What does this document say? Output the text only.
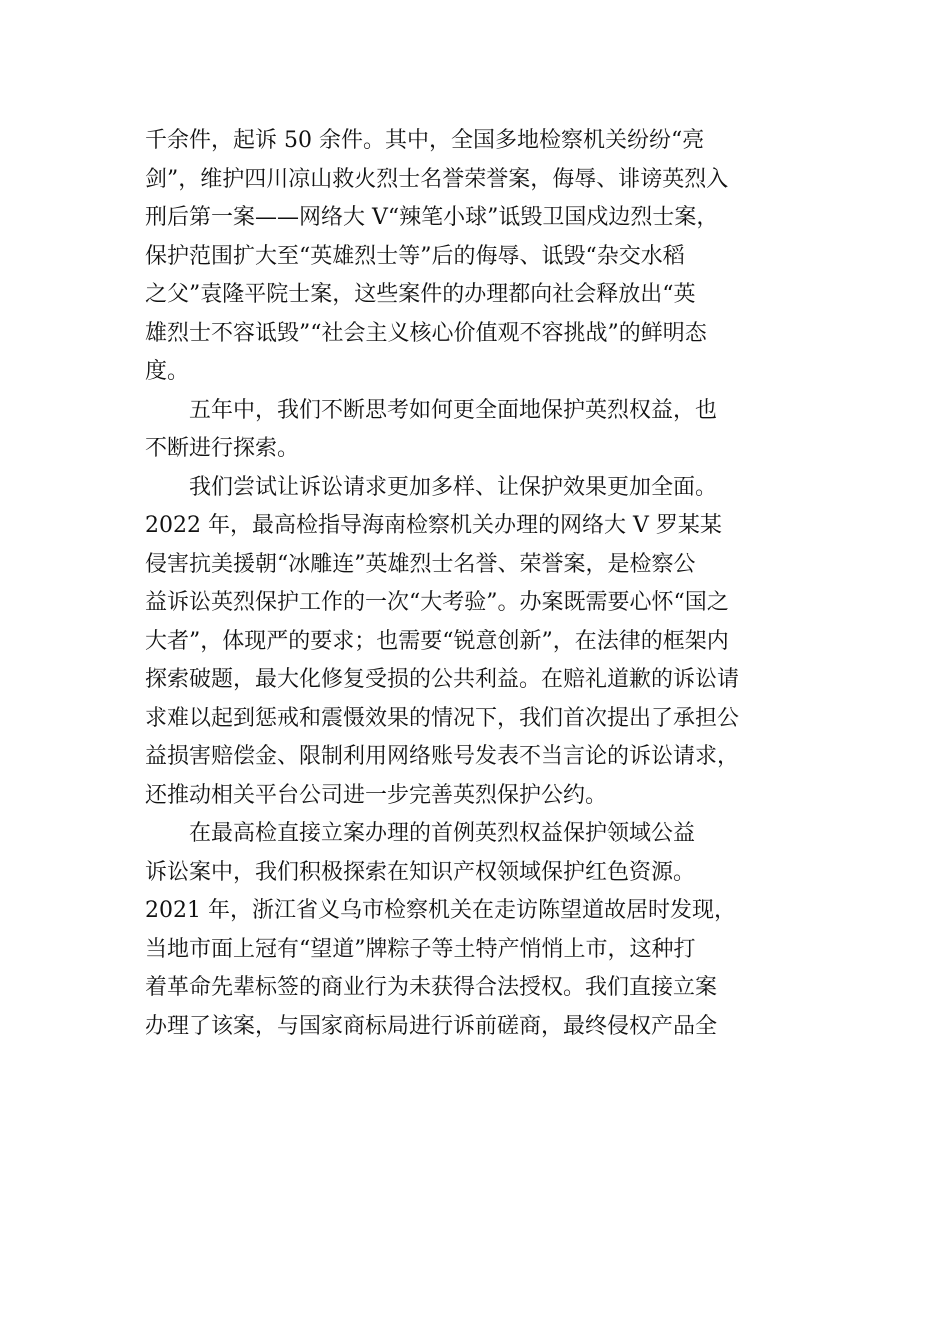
千余件，起诉 50 余件。其中，全国多地检察机关纷纷“亮
剑”，维护四川凉山救火烈士名誉荣誉案，侮辱、诽谤英烈入
刑后第一案——网络大 V“辣笔小球”诋毁卫国戍边烈士案，
保护范围扩大至“英雄烈士等”后的侮辱、诋毁“杂交水稻
之父”袁隆平院士案，这些案件的办理都向社会释放出“英
雄烈士不容诋毁”“社会主义核心价值观不容挑战”的鲜明态
度。
　　五年中，我们不断思考如何更全面地保护英烈权益，也
不断进行探索。
　　我们尝试让诉讼请求更加多样、让保护效果更加全面。
2022 年，最高检指导海南检察机关办理的网络大 V 罗某某
侵害抗美援朝“冰雕连”英雄烈士名誉、荣誉案，是检察公
益诉讼英烈保护工作的一次“大考验”。办案既需要心怀“国之
大者”，体现严的要求；也需要“锐意创新”，在法律的框架内
探索破题，最大化修复受损的公共利益。在赔礼道歉的诉讼请
求难以起到惩戒和震慑效果的情况下，我们首次提出了承担公
益损害赔偿金、限制利用网络账号发表不当言论的诉讼请求，
还推动相关平台公司进一步完善英烈保护公约。
　　在最高检直接立案办理的首例英烈权益保护领域公益
诉讼案中，我们积极探索在知识产权领域保护红色资源。
2021 年，浙江省义乌市检察机关在走访陈望道故居时发现，
当地市面上冠有“望道”牌粽子等土特产悄悄上市，这种打
着革命先辈标签的商业行为未获得合法授权。我们直接立案
办理了该案，与国家商标局进行诉前磋商，最终侵权产品全
